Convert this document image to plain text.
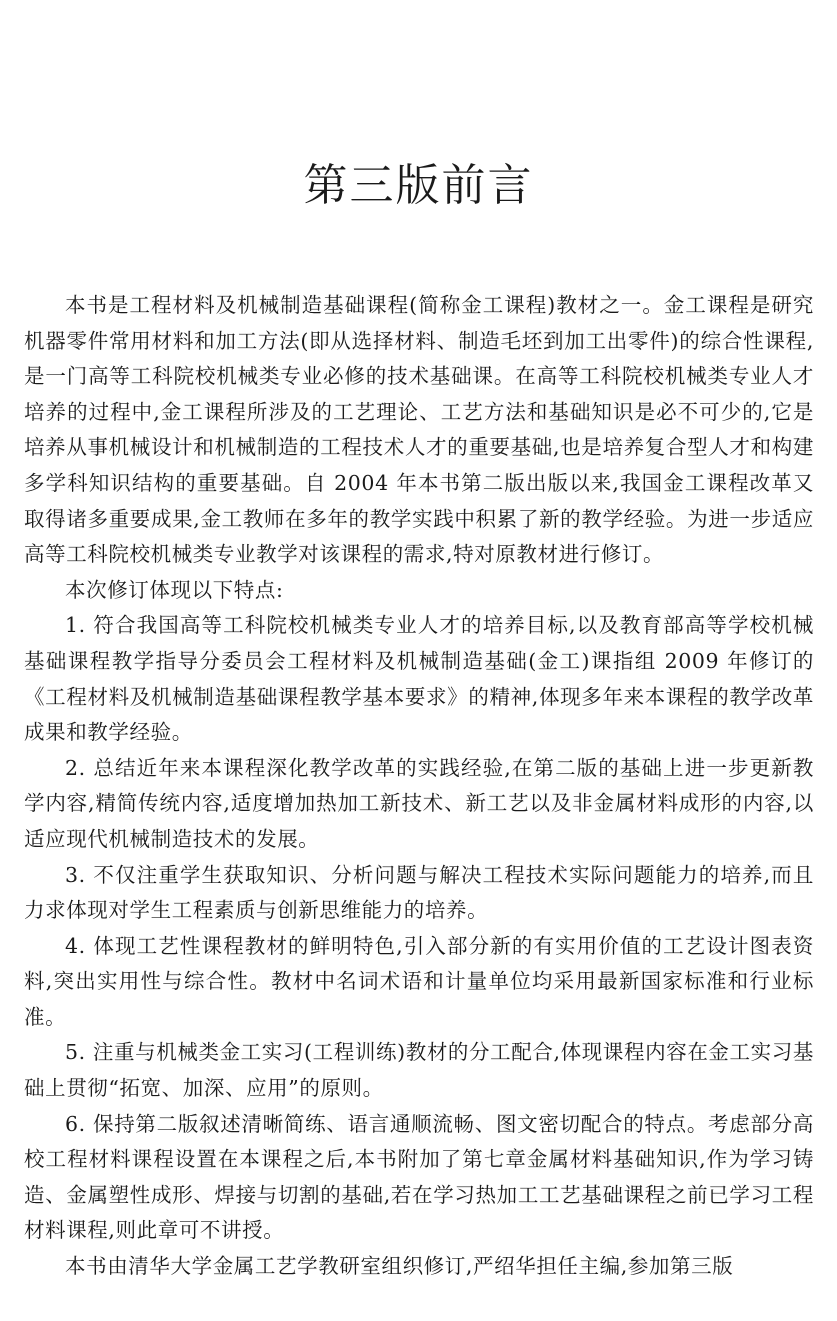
第三版前言

本书是工程材料及机械制造基础课程(简称金工课程)教材之一。金工课程是研究机器零件常用材料和加工方法(即从选择材料、制造毛坯到加工出零件)的综合性课程,是一门高等工科院校机械类专业必修的技术基础课。在高等工科院校机械类专业人才培养的过程中,金工课程所涉及的工艺理论、工艺方法和基础知识是必不可少的,它是培养从事机械设计和机械制造的工程技术人才的重要基础,也是培养复合型人才和构建多学科知识结构的重要基础。自 2004 年本书第二版出版以来,我国金工课程改革又取得诸多重要成果,金工教师在多年的教学实践中积累了新的教学经验。为进一步适应高等工科院校机械类专业教学对该课程的需求,特对原教材进行修订。

本次修订体现以下特点:

1. 符合我国高等工科院校机械类专业人才的培养目标,以及教育部高等学校机械基础课程教学指导分委员会工程材料及机械制造基础(金工)课指组 2009 年修订的《工程材料及机械制造基础课程教学基本要求》的精神,体现多年来本课程的教学改革成果和教学经验。

2. 总结近年来本课程深化教学改革的实践经验,在第二版的基础上进一步更新教学内容,精简传统内容,适度增加热加工新技术、新工艺以及非金属材料成形的内容,以适应现代机械制造技术的发展。

3. 不仅注重学生获取知识、分析问题与解决工程技术实际问题能力的培养,而且力求体现对学生工程素质与创新思维能力的培养。

4. 体现工艺性课程教材的鲜明特色,引入部分新的有实用价值的工艺设计图表资料,突出实用性与综合性。教材中名词术语和计量单位均采用最新国家标准和行业标准。

5. 注重与机械类金工实习(工程训练)教材的分工配合,体现课程内容在金工实习基础上贯彻“拓宽、加深、应用”的原则。

6. 保持第二版叙述清晰简练、语言通顺流畅、图文密切配合的特点。考虑部分高校工程材料课程设置在本课程之后,本书附加了第七章金属材料基础知识,作为学习铸造、金属塑性成形、焊接与切割的基础,若在学习热加工工艺基础课程之前已学习工程材料课程,则此章可不讲授。

本书由清华大学金属工艺学教研室组织修订,严绍华担任主编,参加第三版
